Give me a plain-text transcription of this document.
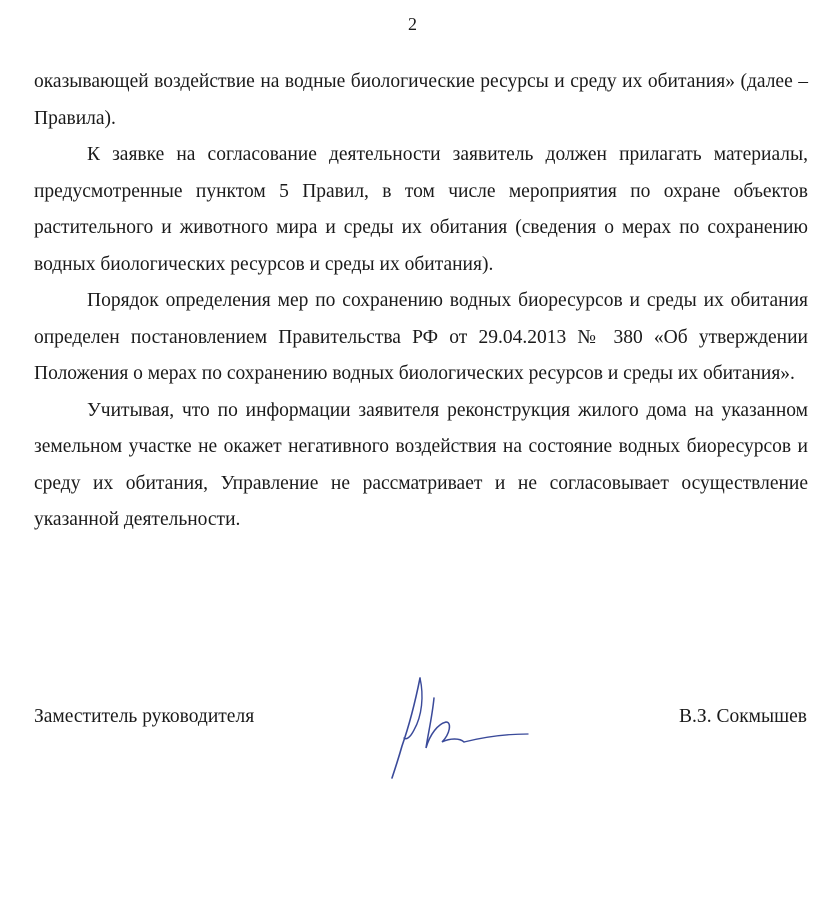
2

оказывающей воздействие на водные биологические ресурсы и среду их обитания» (далее – Правила).

К заявке на согласование деятельности заявитель должен прилагать материалы, предусмотренные пунктом 5 Правил, в том числе мероприятия по охране объектов растительного и животного мира и среды их обитания (сведения о мерах по сохранению водных биологических ресурсов и среды их обитания).

Порядок определения мер по сохранению водных биоресурсов и среды их обитания определен постановлением Правительства РФ от 29.04.2013 № 380 «Об утверждении Положения о мерах по сохранению водных биологических ресурсов и среды их обитания».

Учитывая, что по информации заявителя реконструкция жилого дома на указанном земельном участке не окажет негативного воздействия на состояние водных биоресурсов и среду их обитания, Управление не рассматривает и не согласовывает осуществление указанной деятельности.

Заместитель руководителя	В.З. Сокмышев
